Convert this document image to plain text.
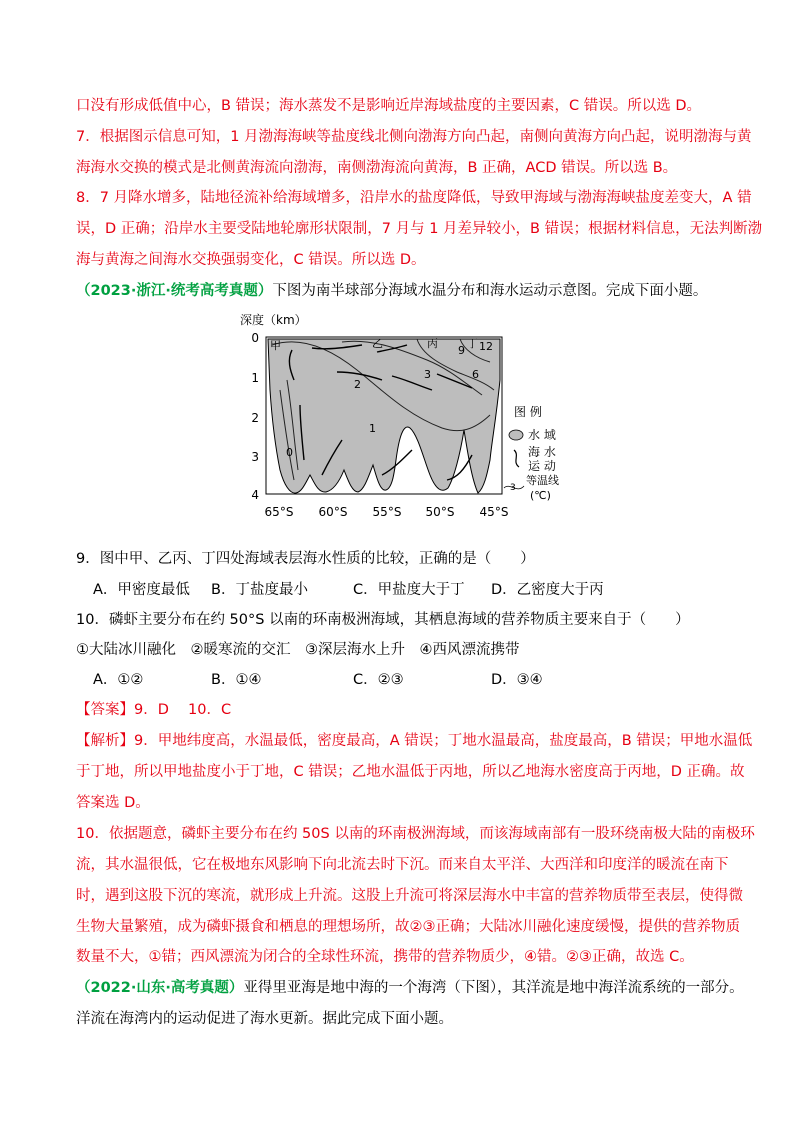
口没有形成低值中心，B 错误；海水蒸发不是影响近岸海域盐度的主要因素，C 错误。所以选 D。
7．根据图示信息可知，1 月渤海海峡等盐度线北侧向渤海方向凸起，南侧向黄海方向凸起，说明渤海与黄
海海水交换的模式是北侧黄海流向渤海，南侧渤海流向黄海，B 正确，ACD 错误。所以选 B。
8．7 月降水增多，陆地径流补给海域增多，沿岸水的盐度降低，导致甲海域与渤海海峡盐度差变大，A 错
误，D 正确；沿岸水主要受陆地轮廓形状限制，7 月与 1 月差异较小，B 错误；根据材料信息，无法判断渤
海与黄海之间海水交换强弱变化，C 错误。所以选 D。
（2023·浙江·统考高考真题）下图为南半球部分海域水温分布和海水运动示意图。完成下面小题。
深度（km）
0
1
2
3
4
12
9
6
3
2
1
0
甲	乙	丙	丁
65°S 60°S 55°S 50°S 45°S
图 例
水 域
海 水
运 动
3
等温线
(℃)
9．图中甲、乙丙、丁四处海域表层海水性质的比较，正确的是（　　）
A．甲密度最低 B．丁盐度最小	C．甲盐度大于丁 D．乙密度大于丙
10．磷虾主要分布在约 50°S 以南的环南极洲海域，其栖息海域的营养物质主要来自于（　　）
①大陆冰川融化　②暖寒流的交汇　③深层海水上升　④西风漂流携带
A．①②	B．①④	C．②③	D．③④
【答案】9．D　 10．C
【解析】9．甲地纬度高，水温最低，密度最高，A 错误；丁地水温最高，盐度最高，B 错误；甲地水温低
于丁地，所以甲地盐度小于丁地，C 错误；乙地水温低于丙地，所以乙地海水密度高于丙地，D 正确。故
答案选 D。
10．依据题意，磷虾主要分布在约 50S 以南的环南极洲海域，而该海域南部有一股环绕南极大陆的南极环
流，其水温很低，它在极地东风影响下向北流去时下沉。而来自太平洋、大西洋和印度洋的暖流在南下
时，遇到这股下沉的寒流，就形成上升流。这股上升流可将深层海水中丰富的营养物质带至表层，使得微
生物大量繁殖，成为磷虾摄食和栖息的理想场所，故②③正确；大陆冰川融化速度缓慢，提供的营养物质
数量不大，①错；西风漂流为闭合的全球性环流，携带的营养物质少，④错。②③正确，故选 C。
（2022·山东·高考真题）亚得里亚海是地中海的一个海湾（下图），其洋流是地中海洋流系统的一部分。
洋流在海湾内的运动促进了海水更新。据此完成下面小题。
